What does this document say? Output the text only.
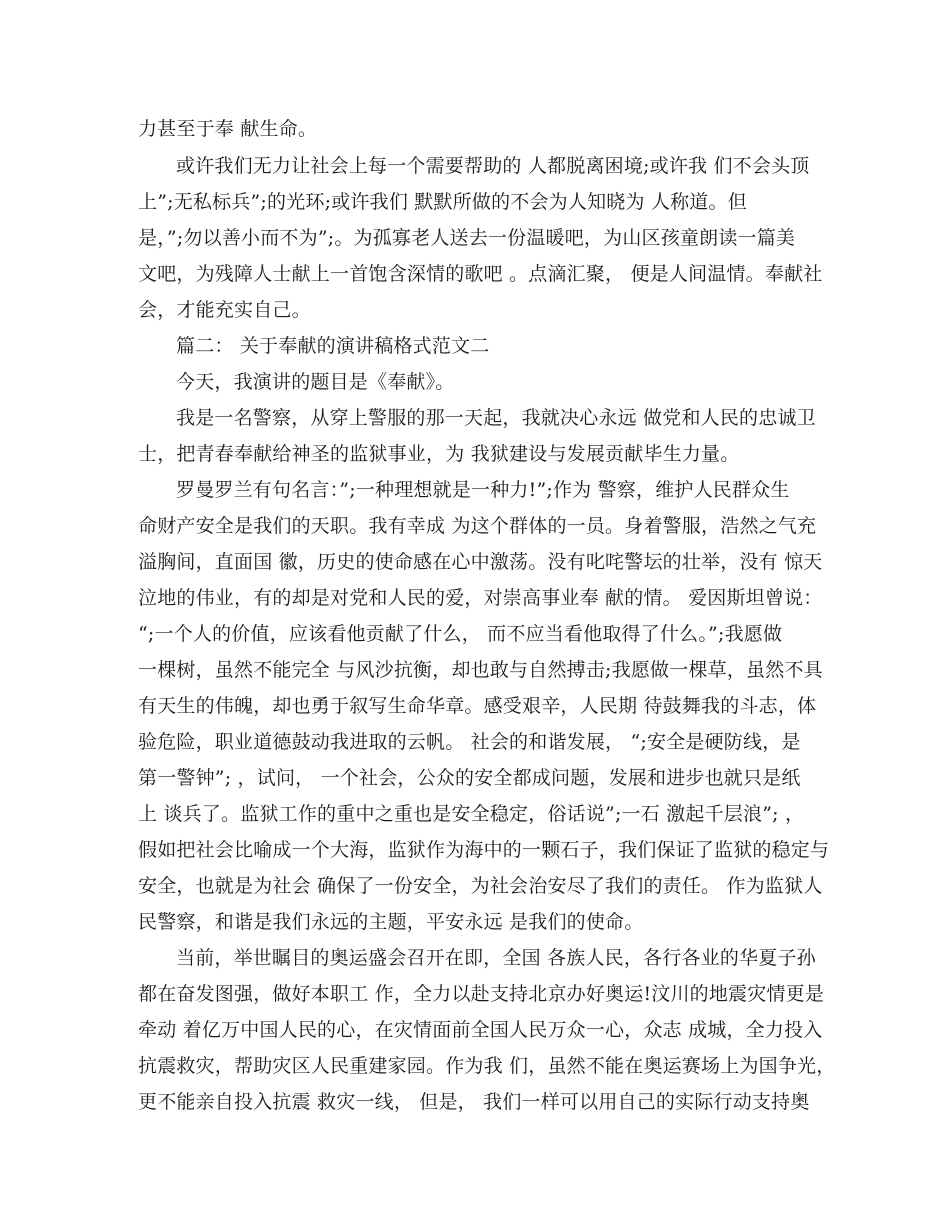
力甚至于奉 献生命。
或许我们无力让社会上每一个需要帮助的 人都脱离困境;或许我 们不会头顶
上”;无私标兵”;的光环;或许我们 默默所做的不会为人知晓为 人称道。但
是，”;勿以善小而不为”;。为孤寡老人送去一份温暖吧，为山区孩童朗读一篇美
文吧，为残障人士献上一首饱含深情的歌吧 。点滴汇聚， 便是人间温情。奉献社
会，才能充实自己。
篇二： 关于奉献的演讲稿格式范文二
今天，我演讲的题目是《奉献》。
我是一名警察，从穿上警服的那一天起，我就决心永远 做党和人民的忠诚卫
士，把青春奉献给神圣的监狱事业，为 我狱建设与发展贡献毕生力量。
罗曼罗兰有句名言：”;一种理想就是一种力!”;作为 警察，维护人民群众生
命财产安全是我们的天职。我有幸成 为这个群体的一员。身着警服，浩然之气充
溢胸间，直面国 徽，历史的使命感在心中激荡。没有叱咤警坛的壮举，没有 惊天
泣地的伟业，有的却是对党和人民的爱，对崇高事业奉 献的情。 爱因斯坦曾说：
“;一个人的价值，应该看他贡献了什么， 而不应当看他取得了什么。”;我愿做
一棵树，虽然不能完全 与风沙抗衡，却也敢与自然搏击;我愿做一棵草，虽然不具
有天生的伟魄，却也勇于叙写生命华章。感受艰辛，人民期 待鼓舞我的斗志，体
验危险，职业道德鼓动我进取的云帆。 社会的和谐发展， “;安全是硬防线，是
第一警钟”; ，试问， 一个社会，公众的安全都成问题，发展和进步也就只是纸
上 谈兵了。监狱工作的重中之重也是安全稳定，俗话说”;一石 激起千层浪”; ，
假如把社会比喻成一个大海，监狱作为海中的一颗石子，我们保证了监狱的稳定与
安全，也就是为社会 确保了一份安全，为社会治安尽了我们的责任。 作为监狱人
民警察，和谐是我们永远的主题，平安永远 是我们的使命。
当前，举世瞩目的奥运盛会召开在即，全国 各族人民，各行各业的华夏子孙
都在奋发图强，做好本职工 作，全力以赴支持北京办好奥运!汶川的地震灾情更是
牵动 着亿万中国人民的心，在灾情面前全国人民万众一心，众志 成城，全力投入
抗震救灾，帮助灾区人民重建家园。作为我 们，虽然不能在奥运赛场上为国争光，
更不能亲自投入抗震 救灾一线， 但是， 我们一样可以用自己的实际行动支持奥
